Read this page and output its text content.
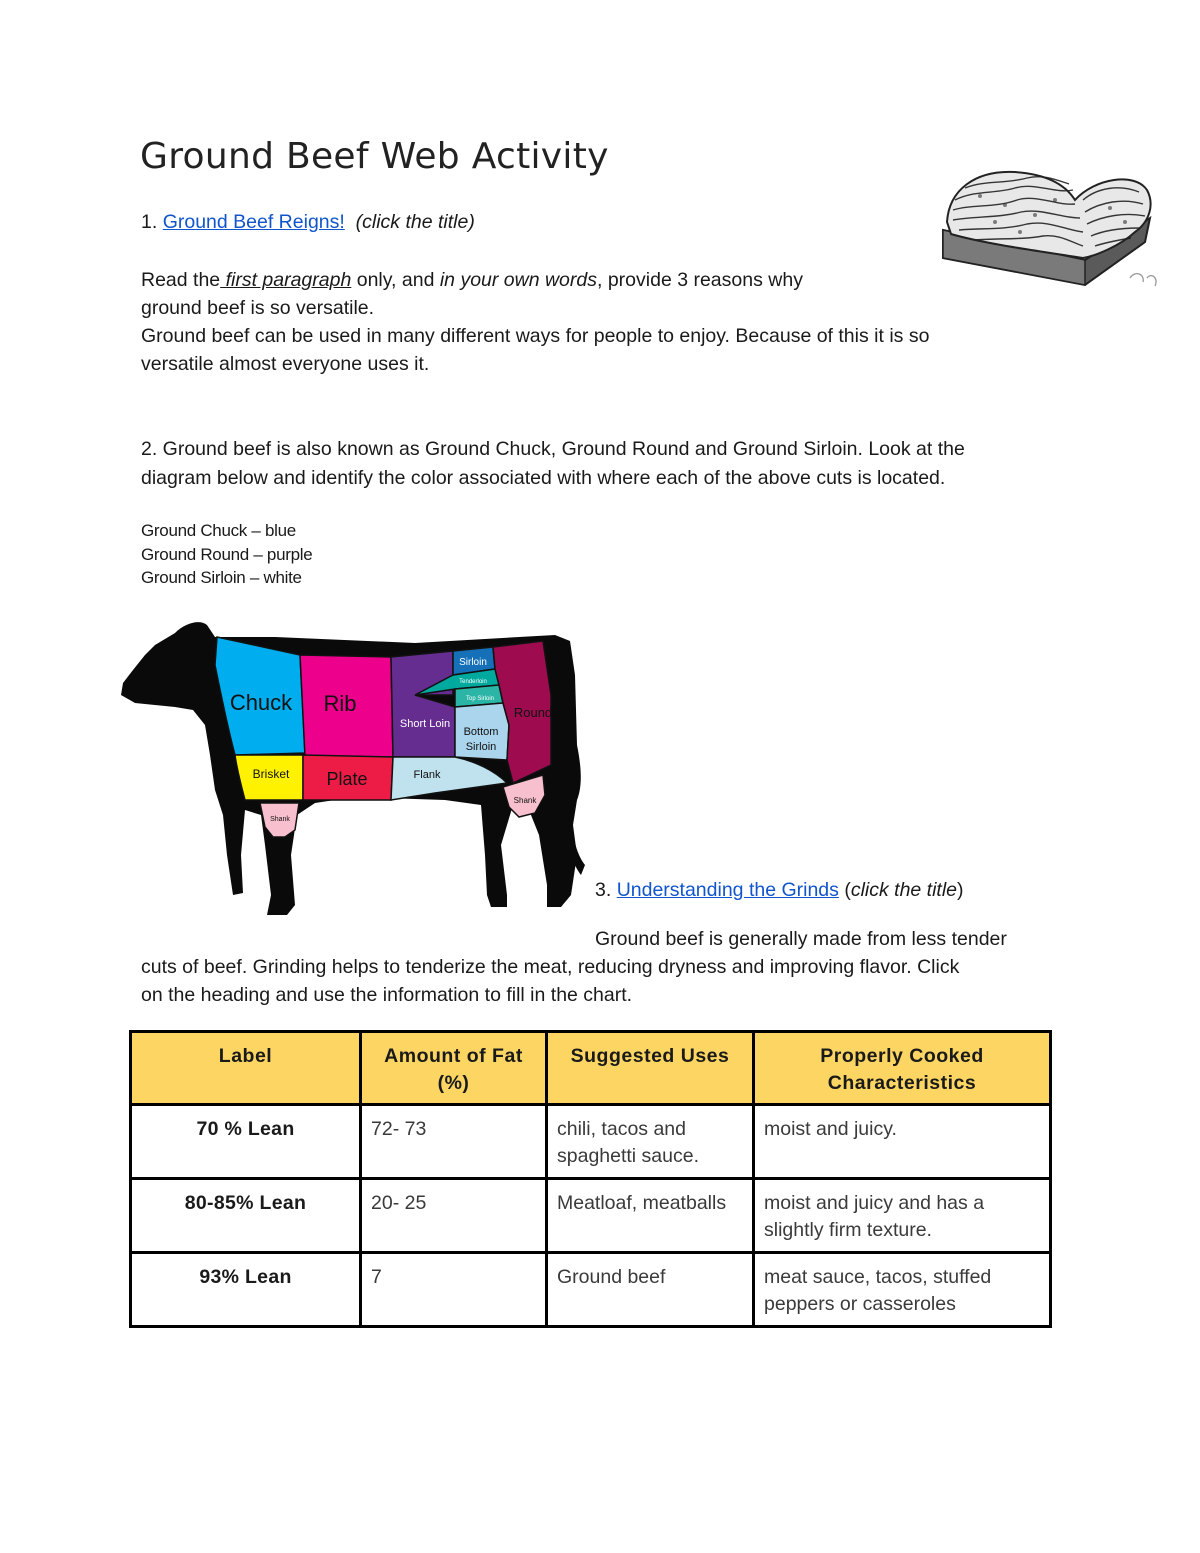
Ground Beef Web Activity
1. Ground Beef Reigns! (click the title)
Read the first paragraph only, and in your own words, provide 3 reasons why
ground beef is so versatile.
Ground beef can be used in many different ways for people to enjoy. Because of this it is so
versatile almost everyone uses it.
2. Ground beef is also known as Ground Chuck, Ground Round and Ground Sirloin. Look at the
diagram below and identify the color associated with where each of the above cuts is located.
Ground Chuck – blue
Ground Round – purple
Ground Sirloin – white
Chuck Rib
Short Loin
Sirloin
Tenderloin
Top Sirloin
Bottom
Sirloin
Round
Brisket Plate	Flank
Shank
Shank
3. Understanding the Grinds (click the title)
Ground beef is generally made from less tender
cuts of beef. Grinding helps to tenderize the meat, reducing dryness and improving flavor. Click
on the heading and use the information to fill in the chart.
Label	Amount of Fat (%)	Suggested Uses	Properly Cooked Characteristics
70 % Lean	72- 73	chili, tacos and spaghetti sauce.	moist and juicy.
80-85% Lean	20- 25	Meatloaf, meatballs	moist and juicy and has a slightly firm texture.
93% Lean	7	Ground beef	meat sauce, tacos, stuffed peppers or casseroles
